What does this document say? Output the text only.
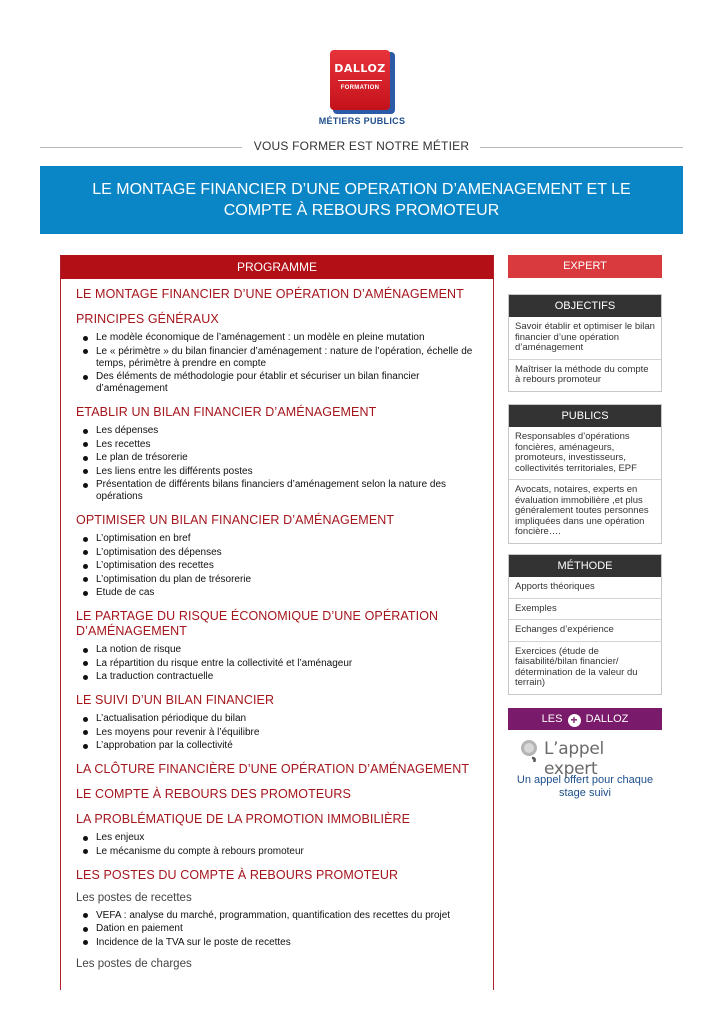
DALLOZ
FORMATION
MÉTIERS PUBLICS
VOUS FORMER EST NOTRE MÉTIER
LE MONTAGE FINANCIER D’UNE OPERATION D’AMENAGEMENT ET LE COMPTE À REBOURS PROMOTEUR
PROGRAMME
LE MONTAGE FINANCIER D’UNE OPÉRATION D’AMÉNAGEMENT
PRINCIPES GÉNÉRAUX
Le modèle économique de l’aménagement : un modèle en pleine mutation
Le « périmètre » du bilan financier d’aménagement : nature de l’opération, échelle de temps, périmètre à prendre en compte
Des éléments de méthodologie pour établir et sécuriser un bilan financier d’aménagement
ETABLIR UN BILAN FINANCIER D’AMÉNAGEMENT
Les dépenses
Les recettes
Le plan de trésorerie
Les liens entre les différents postes
Présentation de différents bilans financiers d’aménagement selon la nature des opérations
OPTIMISER UN BILAN FINANCIER D’AMÉNAGEMENT
L’optimisation en bref
L’optimisation des dépenses
L’optimisation des recettes
L’optimisation du plan de trésorerie
Etude de cas
LE PARTAGE DU RISQUE ÉCONOMIQUE D’UNE OPÉRATION D’AMÉNAGEMENT
La notion de risque
La répartition du risque entre la collectivité et l’aménageur
La traduction contractuelle
LE SUIVI D’UN BILAN FINANCIER
L’actualisation périodique du bilan
Les moyens pour revenir à l’équilibre
L’approbation par la collectivité
LA CLÔTURE FINANCIÈRE D’UNE OPÉRATION D’AMÉNAGEMENT
LE COMPTE À REBOURS DES PROMOTEURS
LA PROBLÉMATIQUE DE LA PROMOTION IMMOBILIÈRE
Les enjeux
Le mécanisme du compte à rebours promoteur
LES POSTES DU COMPTE À REBOURS PROMOTEUR
Les postes de recettes
VEFA : analyse du marché, programmation, quantification des recettes du projet
Dation en paiement
Incidence de la TVA sur le poste de recettes
Les postes de charges
EXPERT
OBJECTIFS
Savoir établir et optimiser le bilan financier d’une opération d’aménagement
Maîtriser la méthode du compte à rebours promoteur
PUBLICS
Responsables d’opérations foncières, aménageurs, promoteurs, investisseurs, collectivités territoriales, EPF
Avocats, notaires, experts en évaluation immobilière ,et plus généralement toutes personnes impliquées dans une opération foncière….
MÉTHODE
Apports théoriques
Exemples
Echanges d’expérience
Exercices (étude de faisabilité/bilan financier/ détermination de la valeur du terrain)
LES + DALLOZ
L’appel expert
Un appel offert pour chaque stage suivi
